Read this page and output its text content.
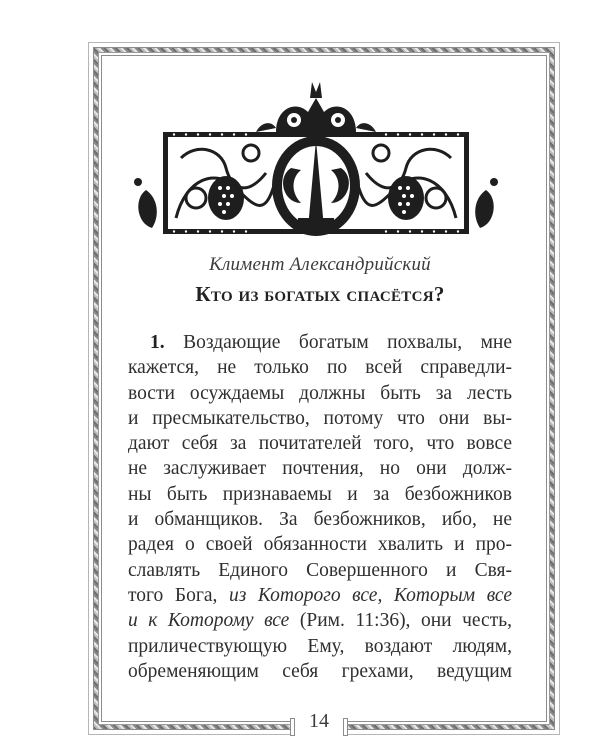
Климент Александрийский
Кто из богатых спасётся?
1. Воздающие богатым похвалы, мне
кажется, не только по всей справедли-
вости осуждаемы должны быть за лесть
и пресмыкательство, потому что они вы-
дают себя за почитателей того, что вовсе
не заслуживает почтения, но они долж-
ны быть признаваемы и за безбожников
и обманщиков. За безбожников, ибо, не
радея о своей обязанности хвалить и про-
славлять Единого Совершенного и Свя-
того Бога, из Которого все, Которым все
и к Которому все (Рим. 11:36), они честь,
приличествующую Ему, воздают людям,
обременяющим себя грехами, ведущим
14
